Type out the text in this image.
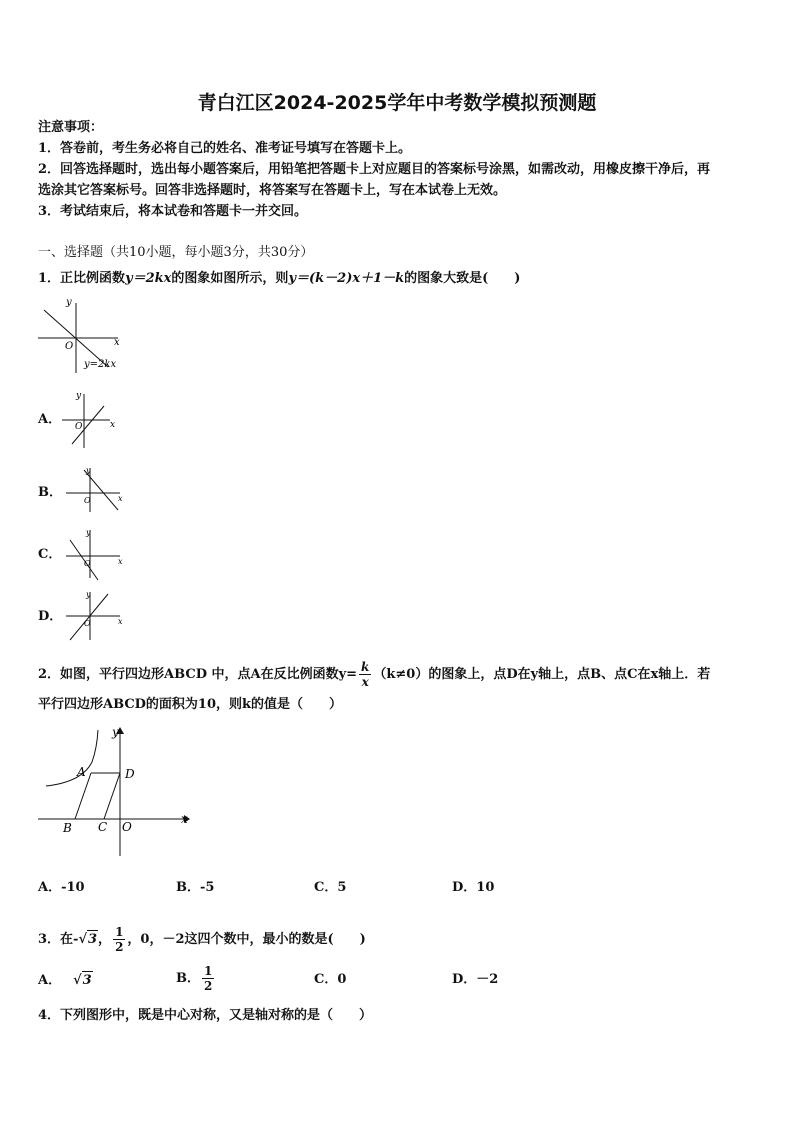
青白江区2024-2025学年中考数学模拟预测题
注意事项：
1．答卷前，考生务必将自己的姓名、准考证号填写在答题卡上。
2．回答选择题时，选出每小题答案后，用铅笔把答题卡上对应题目的答案标号涂黑，如需改动，用橡皮擦干净后，再
选涂其它答案标号。回答非选择题时，将答案写在答题卡上，写在本试卷上无效。
3．考试结束后，将本试卷和答题卡一并交回。
一、选择题（共10小题，每小题3分，共30分）
1．正比例函数y＝2kx的图象如图所示，则y＝(k－2)x＋1－k的图象大致是(　　)
y
x
O
y=2kx
A．
y
x
O
B．
y
x
O
C．
y
x
O
D．
y
x
O
2．如图，平行四边形ABCD 中，点A在反比例函数$y= \frac{k}{x} (k\ne 0)$的图象上，点D在y轴上，点B、点C在x轴上．若
平行四边形ABCD的面积为10，则k的值是（　　）
A	D
B C O
x
y
A．-10	B．-5	C．5	D．10
3．在-√3， $\frac{1}{2}$ ，0，－2这四个数中，最小的数是(　　)
A． √3	B． $\frac{1}{2}$	C．0	D．－2
4．下列图形中，既是中心对称，又是轴对称的是（　　）
